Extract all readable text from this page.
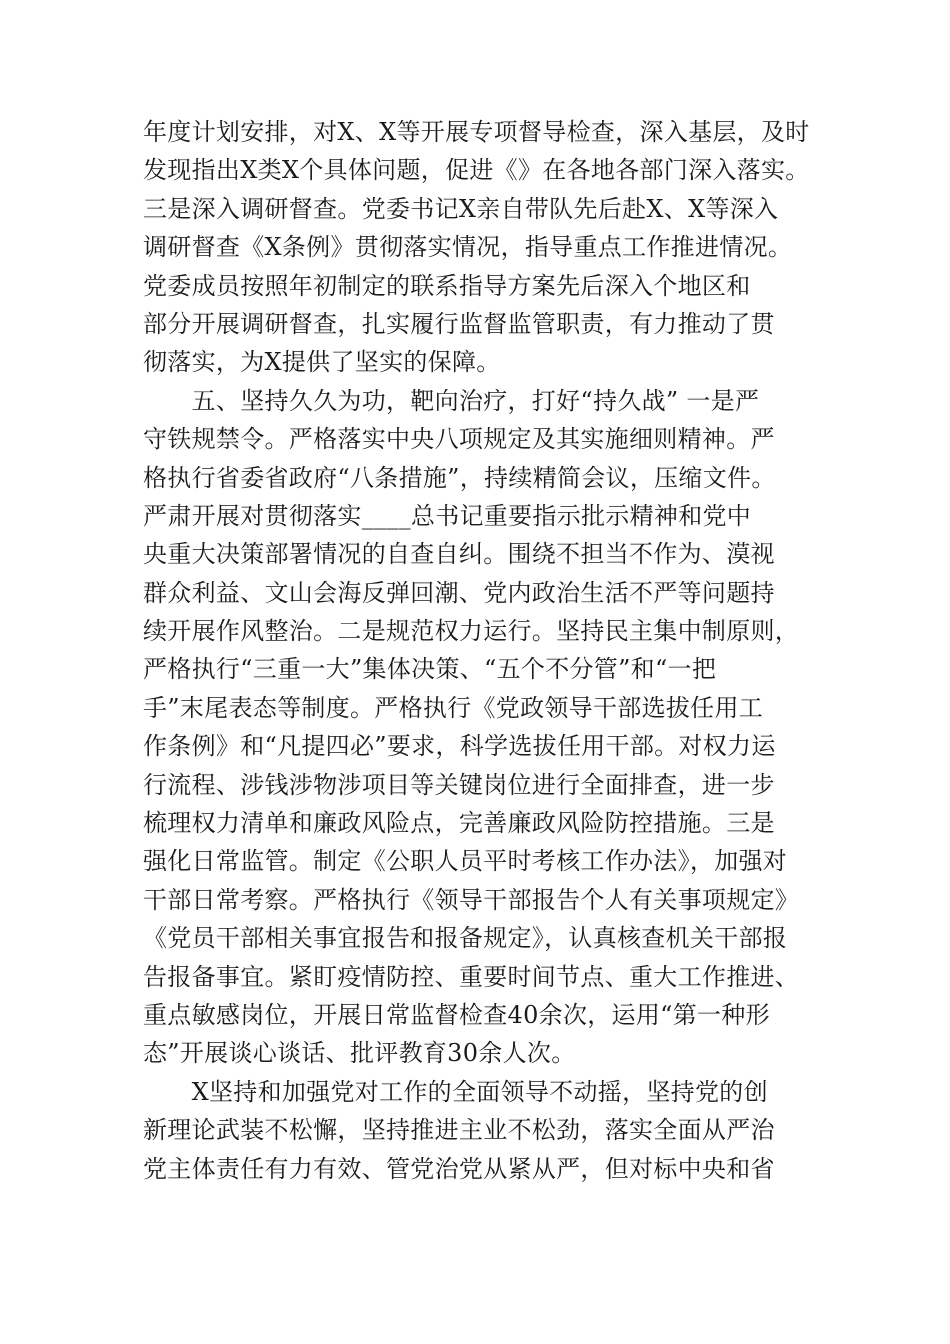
年度计划安排，对X、X等开展专项督导检查，深入基层，及时
发现指出X类X个具体问题，促进《》在各地各部门深入落实。
三是深入调研督查。党委书记X亲自带队先后赴X、X等深入
调研督查《X条例》贯彻落实情况，指导重点工作推进情况。
党委成员按照年初制定的联系指导方案先后深入个地区和
部分开展调研督查，扎实履行监督监管职责，有力推动了贯
彻落实，为X提供了坚实的保障。
　　五、坚持久久为功，靶向治疗，打好“持久战” 一是严
守铁规禁令。严格落实中央八项规定及其实施细则精神。严
格执行省委省政府“八条措施”，持续精简会议，压缩文件。
严肃开展对贯彻落实____总书记重要指示批示精神和党中
央重大决策部署情况的自查自纠。围绕不担当不作为、漠视
群众利益、文山会海反弹回潮、党内政治生活不严等问题持
续开展作风整治。二是规范权力运行。坚持民主集中制原则，
严格执行“三重一大”集体决策、“五个不分管”和“一把
手”末尾表态等制度。严格执行《党政领导干部选拔任用工
作条例》和“凡提四必”要求，科学选拔任用干部。对权力运
行流程、涉钱涉物涉项目等关键岗位进行全面排查，进一步
梳理权力清单和廉政风险点，完善廉政风险防控措施。三是
强化日常监管。制定《公职人员平时考核工作办法》，加强对
干部日常考察。严格执行《领导干部报告个人有关事项规定》
《党员干部相关事宜报告和报备规定》，认真核查机关干部报
告报备事宜。紧盯疫情防控、重要时间节点、重大工作推进、
重点敏感岗位，开展日常监督检查40余次，运用“第一种形
态”开展谈心谈话、批评教育30余人次。
　　X坚持和加强党对工作的全面领导不动摇，坚持党的创
新理论武装不松懈，坚持推进主业不松劲，落实全面从严治
党主体责任有力有效、管党治党从紧从严，但对标中央和省
